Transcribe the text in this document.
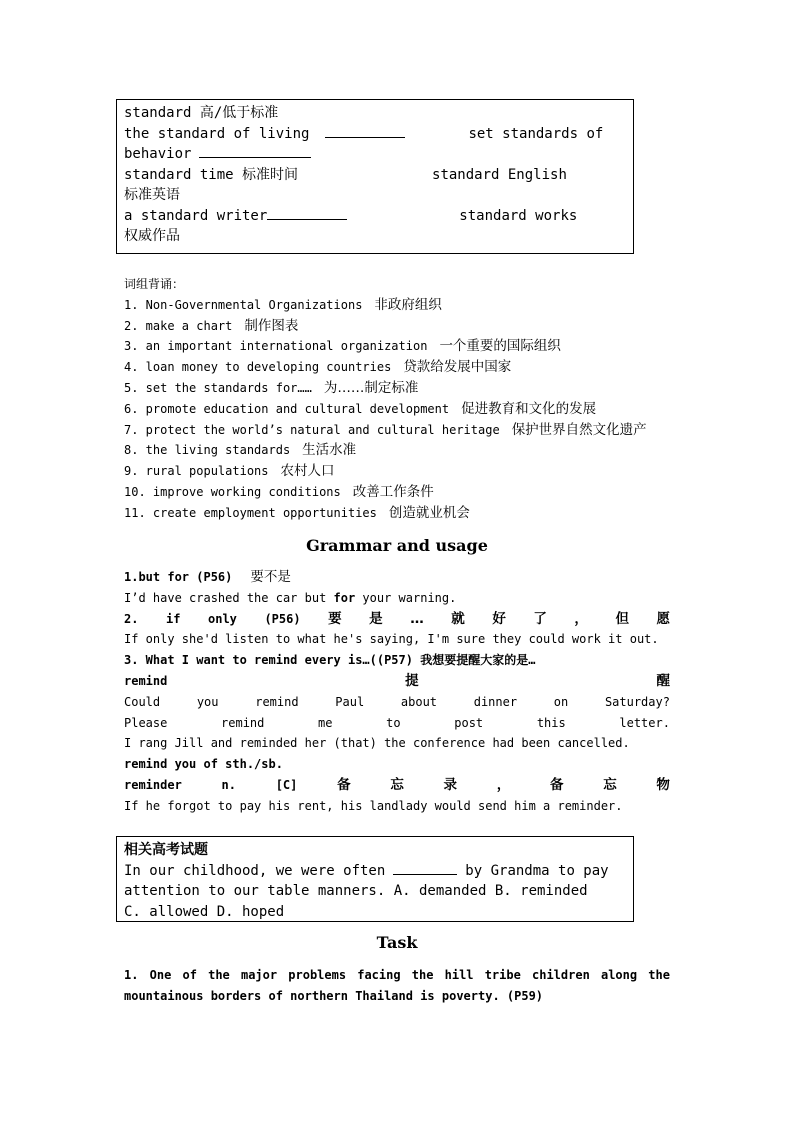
standard 高/低于标准
the standard of living	set standards of
behavior
standard time 标准时间	standard English
标准英语
a standard writer	standard works
权威作品
词组背诵：
1. Non-Governmental Organizations 非政府组织
2. make a chart 制作图表
3. an important international organization 一个重要的国际组织
4. loan money to developing countries 贷款给发展中国家
5. set the standards for…… 为……制定标准
6. promote education and cultural development 促进教育和文化的发展
7. protect the world’s natural and cultural heritage 保护世界自然文化遗产
8. the living standards 生活水准
9. rural populations 农村人口
10. improve working conditions 改善工作条件
11. create employment opportunities 创造就业机会
Grammar and usage
1.but for (P56) 要不是
I’d have crashed the car but for your warning.
2. if only (P56) 要 是 … 就 好 了 ， 但 愿
If only she'd listen to what he's saying, I'm sure they could work it out.
3. What I want to remind every is…((P57) 我想要提醒大家的是…
remind	提	醒
Could	you	remind	Paul	about	dinner	on	Saturday?
Please	remind	me	to	post	this	letter.
I rang Jill and reminded her (that) the conference had been cancelled.
remind you of sth./sb.
reminder	n.	[C]	备	忘	录	，	备	忘	物
If he forgot to pay his rent, his landlady would send him a reminder.
相关高考试题
In our childhood, we were often	by Grandma to pay
attention to our table manners. A. demanded B. reminded
C. allowed D. hoped
Task
1. One of the major problems facing the hill tribe children along the
mountainous borders of northern Thailand is poverty. (P59)
